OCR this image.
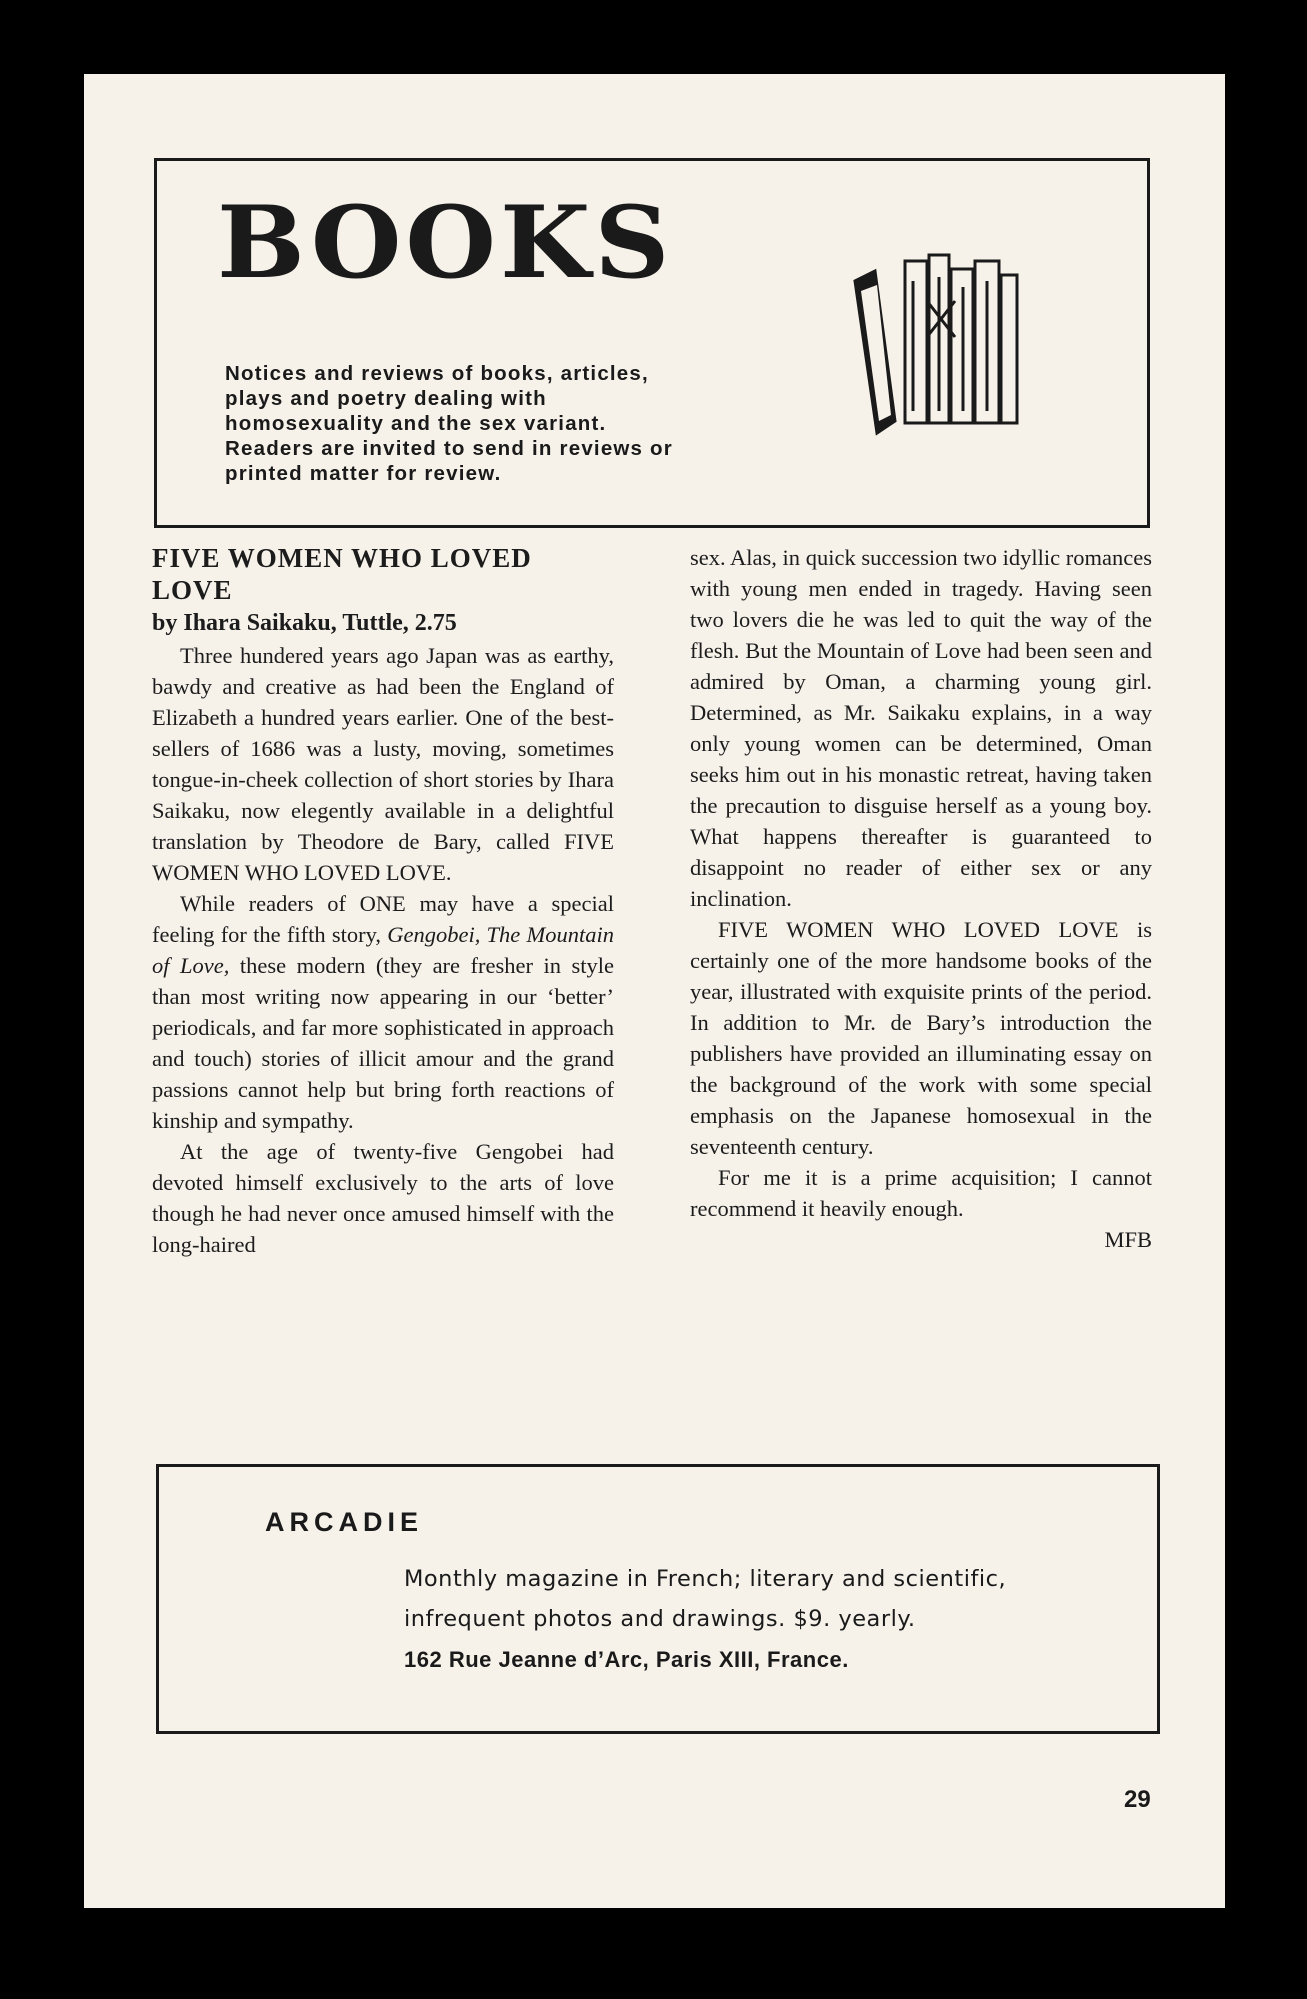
BOOKS

Notices and reviews of books, articles, plays and poetry dealing with homosexuality and the sex variant. Readers are invited to send in reviews or printed matter for review.

FIVE WOMEN WHO LOVED LOVE

by Ihara Saikaku, Tuttle, 2.75

Three hundered years ago Japan was as earthy, bawdy and creative as had been the England of Elizabeth a hundred years earlier. One of the best-sellers of 1686 was a lusty, moving, sometimes tongue-in-cheek collection of short stories by Ihara Saikaku, now elegently available in a delightful translation by Theodore de Bary, called FIVE WOMEN WHO LOVED LOVE.

While readers of ONE may have a special feeling for the fifth story, Gengobei, The Mountain of Love, these modern (they are fresher in style than most writing now appearing in our ‘better’ periodicals, and far more sophisticated in approach and touch) stories of illicit amour and the grand passions cannot help but bring forth reactions of kinship and sympathy.

At the age of twenty-five Gengobei had devoted himself exclusively to the arts of love though he had never once amused himself with the long-haired

sex. Alas, in quick succession two idyllic romances with young men ended in tragedy. Having seen two lovers die he was led to quit the way of the flesh. But the Mountain of Love had been seen and admired by Oman, a charming young girl. Determined, as Mr. Saikaku explains, in a way only young women can be determined, Oman seeks him out in his monastic retreat, having taken the precaution to disguise herself as a young boy. What happens thereafter is guaranteed to disappoint no reader of either sex or any inclination.

FIVE WOMEN WHO LOVED LOVE is certainly one of the more handsome books of the year, illustrated with exquisite prints of the period. In addition to Mr. de Bary’s introduction the publishers have provided an illuminating essay on the background of the work with some special emphasis on the Japanese homosexual in the seventeenth century.

For me it is a prime acquisition; I cannot recommend it heavily enough.

MFB

ARCADIE

Monthly magazine in French; literary and scientific, infrequent photos and drawings. $9. yearly.

162 Rue Jeanne d’Arc, Paris XIII, France.

29
